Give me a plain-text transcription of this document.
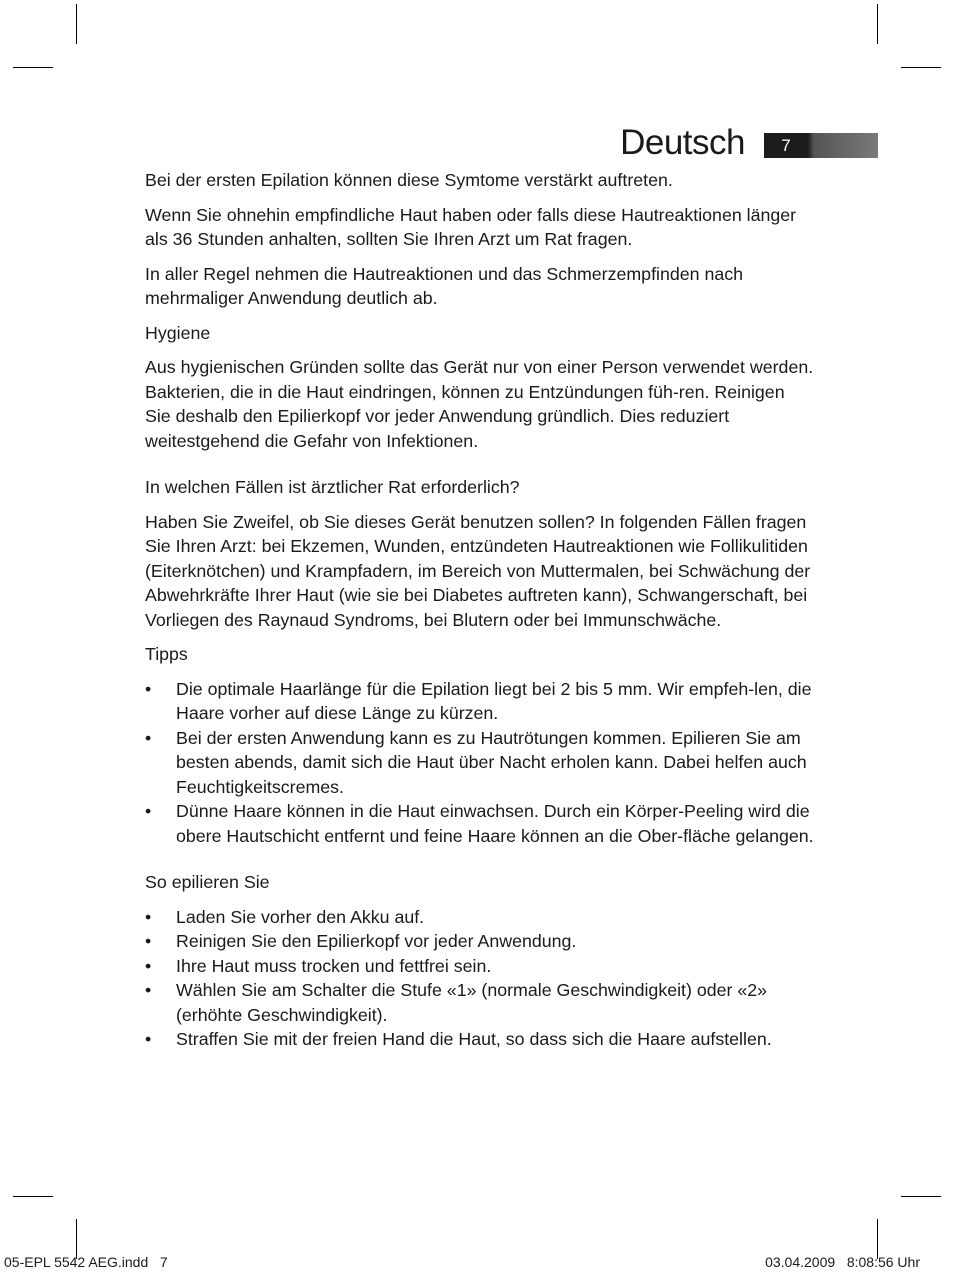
Deutsch	7

Bei der ersten Epilation können diese Symtome verstärkt auftreten.

Wenn Sie ohnehin empfindliche Haut haben oder falls diese Hautreaktionen länger als 36 Stunden anhalten, sollten Sie Ihren Arzt um Rat fragen.

In aller Regel nehmen die Hautreaktionen und das Schmerzempfinden nach mehrmaliger Anwendung deutlich ab.

Hygiene

Aus hygienischen Gründen sollte das Gerät nur von einer Person verwendet werden. Bakterien, die in die Haut eindringen, können zu Entzündungen füh-ren. Reinigen Sie deshalb den Epilierkopf vor jeder Anwendung gründlich. Dies reduziert weitestgehend die Gefahr von Infektionen.

In welchen Fällen ist ärztlicher Rat erforderlich?

Haben Sie Zweifel, ob Sie dieses Gerät benutzen sollen? In folgenden Fällen fragen Sie Ihren Arzt: bei Ekzemen, Wunden, entzündeten Hautreaktionen wie Follikulitiden (Eiterknötchen) und Krampfadern, im Bereich von Muttermalen, bei Schwächung der Abwehrkräfte Ihrer Haut (wie sie bei Diabetes auftreten kann), Schwangerschaft, bei Vorliegen des Raynaud Syndroms, bei Blutern oder bei Immunschwäche.

Tipps
•	Die optimale Haarlänge für die Epilation liegt bei 2 bis 5 mm. Wir empfeh-len, die Haare vorher auf diese Länge zu kürzen.
•	Bei der ersten Anwendung kann es zu Hautrötungen kommen. Epilieren Sie am besten abends, damit sich die Haut über Nacht erholen kann. Dabei helfen auch Feuchtigkeitscremes.
•	Dünne Haare können in die Haut einwachsen. Durch ein Körper-Peeling wird die obere Hautschicht entfernt und feine Haare können an die Ober-fläche gelangen.
So epilieren Sie
•	Laden Sie vorher den Akku auf.
•	Reinigen Sie den Epilierkopf vor jeder Anwendung.
•	Ihre Haut muss trocken und fettfrei sein.
•	Wählen Sie am Schalter die Stufe «1» (normale Geschwindigkeit) oder «2» (erhöhte Geschwindigkeit).
•	Straffen Sie mit der freien Hand die Haut, so dass sich die Haare aufstellen.
05-EPL 5542 AEG.indd   7	03.04.2009   8:08:56 Uhr
